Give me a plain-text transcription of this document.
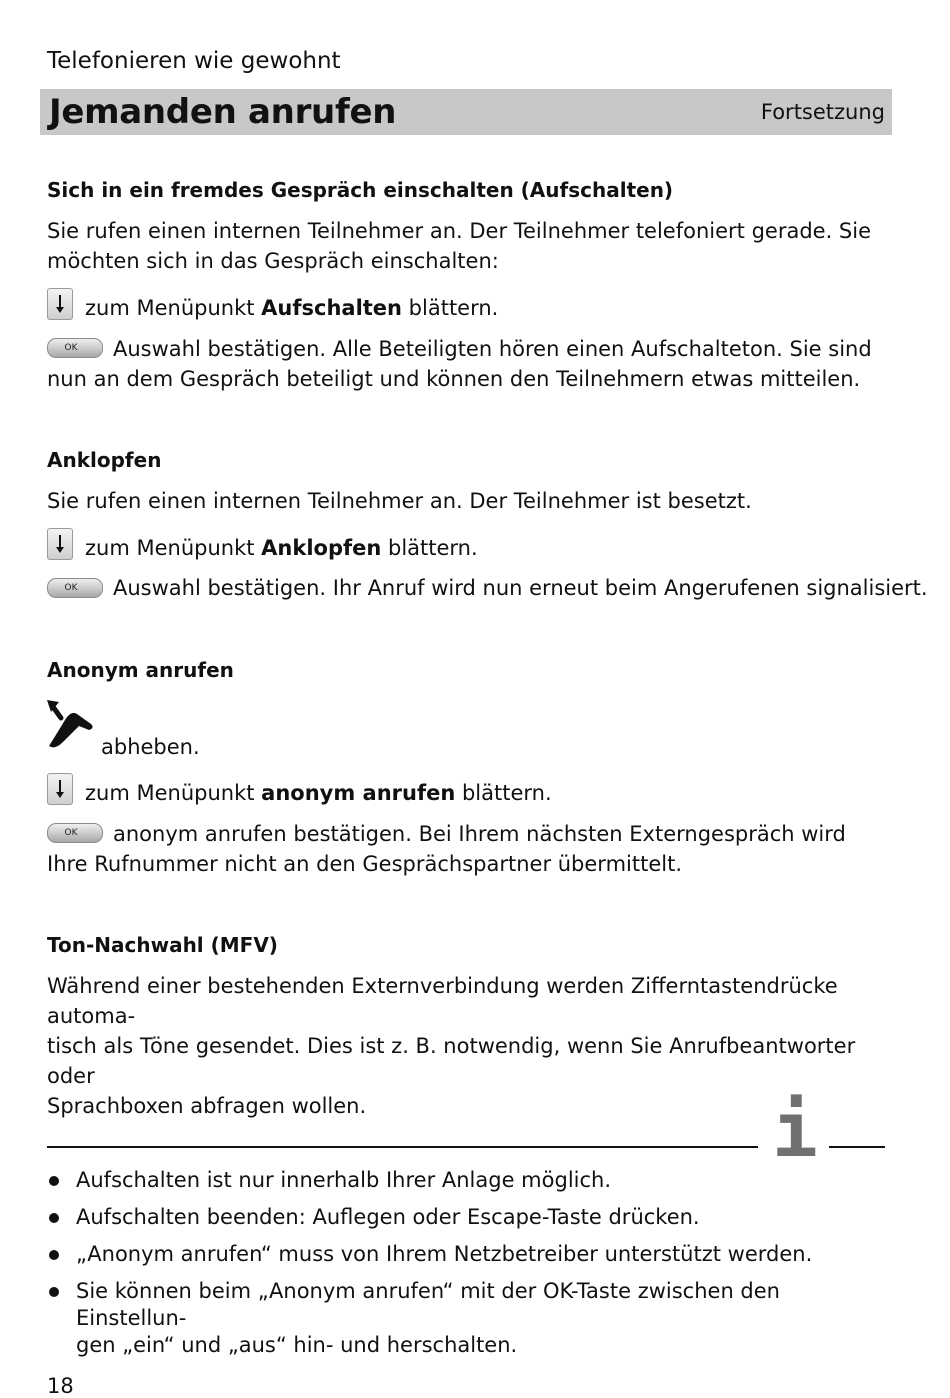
Telefonieren wie gewohnt
Jemanden anrufen	Fortsetzung
Sich in ein fremdes Gespräch einschalten (Aufschalten)
Sie rufen einen internen Teilnehmer an. Der Teilnehmer telefoniert gerade. Sie möchten sich in das Gespräch einschalten:
zum Menüpunkt Aufschalten blättern.
OK	Auswahl bestätigen. Alle Beteiligten hören einen Aufschalteton. Sie sind nun an dem Gespräch beteiligt und können den Teilnehmern etwas mitteilen.
Anklopfen
Sie rufen einen internen Teilnehmer an. Der Teilnehmer ist besetzt.
zum Menüpunkt Anklopfen blättern.
OK	Auswahl bestätigen. Ihr Anruf wird nun erneut beim Angerufenen signalisiert.
Anonym anrufen
abheben.
zum Menüpunkt anonym anrufen blättern.
OK	anonym anrufen bestätigen. Bei Ihrem nächsten Externgespräch wird Ihre Rufnummer nicht an den Gesprächspartner übermittelt.
Ton-Nachwahl (MFV)
Während einer bestehenden Externverbindung werden Zifferntastendrücke automa-
tisch als Töne gesendet. Dies ist z. B. notwendig, wenn Sie Anrufbeantworter oder
Sprachboxen abfragen wollen.	i
Aufschalten ist nur innerhalb Ihrer Anlage möglich.
Aufschalten beenden: Auflegen oder Escape-Taste drücken.
„Anonym anrufen“ muss von Ihrem Netzbetreiber unterstützt werden.
Sie können beim „Anonym anrufen“ mit der OK-Taste zwischen den Einstellun-
gen „ein“ und „aus“ hin- und herschalten.
18
